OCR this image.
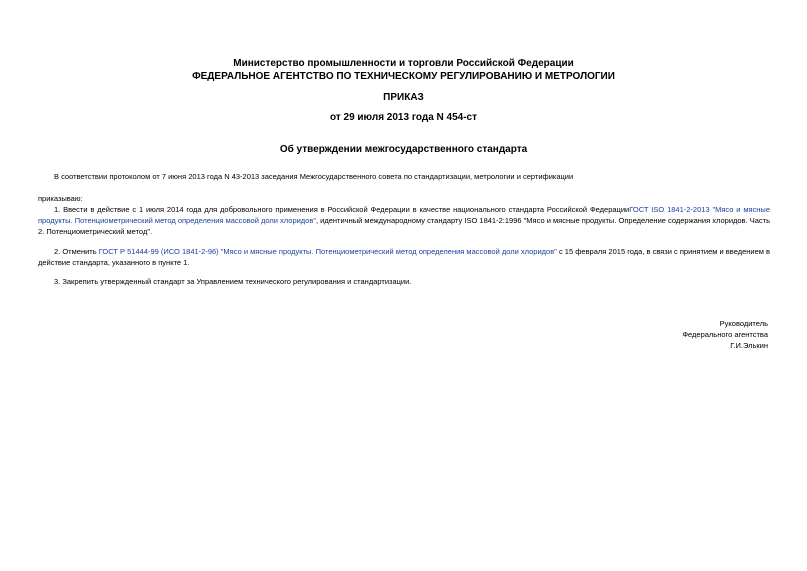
Министерство промышленности и торговли Российской Федерации
ФЕДЕРАЛЬНОЕ АГЕНТСТВО ПО ТЕХНИЧЕСКОМУ РЕГУЛИРОВАНИЮ И МЕТРОЛОГИИ
ПРИКАЗ
от 29 июля 2013 года N 454-ст
Об утверждении межгосударственного стандарта
В соответствии протоколом от 7 июня 2013 года N 43-2013 заседания Межгосударственного совета по стандартизации, метрологии и сертификации
приказываю:
1. Ввести в действие с 1 июля 2014 года для добровольного применения в Российской Федерации в качестве национального стандарта Российской ФедерацииГОСТ ISO 1841-2-2013 "Мясо и мясные продукты. Потенциометрический метод определения массовой доли хлоридов", идентичный международному стандарту ISO 1841-2:1996 "Мясо и мясные продукты. Определение содержания хлоридов. Часть 2. Потенциометрический метод".
2. Отменить ГОСТ Р 51444-99 (ИСО 1841-2-96) "Мясо и мясные продукты. Потенциометрический метод определения массовой доли хлоридов" с 15 февраля 2015 года, в связи с принятием и введением в действие стандарта, указанного в пункте 1.
3. Закрепить утвержденный стандарт за Управлением технического регулирования и стандартизации.
Руководитель
Федерального агентства
Г.И.Элькин
